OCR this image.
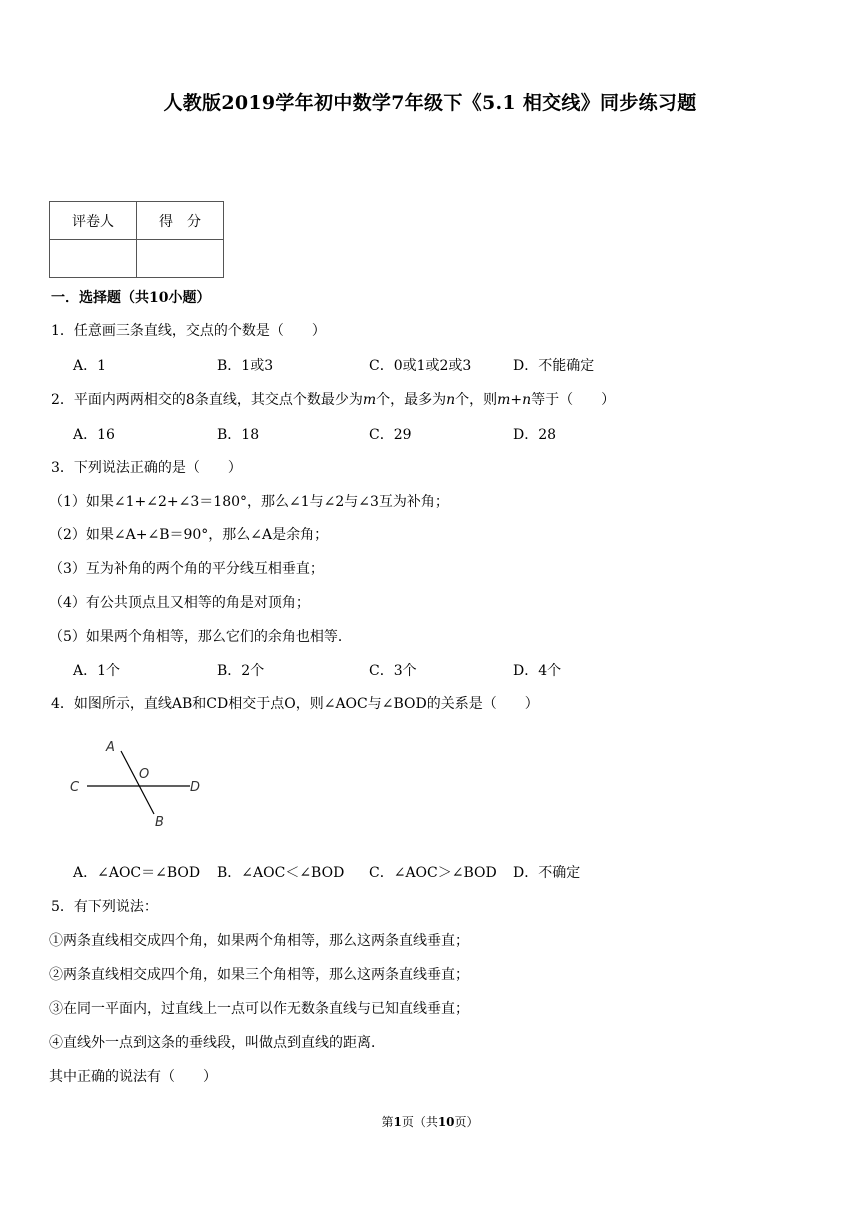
人教版2019学年初中数学7年级下《5.1 相交线》同步练习题
评卷人	得　分

一．选择题（共10小题）
1．任意画三条直线，交点的个数是（　　）
A．1	B．1或3	C．0或1或2或3	D．不能确定
2．平面内两两相交的8条直线，其交点个数最少为m个，最多为n个，则m+n等于（　　）
A．16	B．18	C．29	D．28
3．下列说法正确的是（　　）
（1）如果∠1+∠2+∠3＝180°，那么∠1与∠2与∠3互为补角；
（2）如果∠A+∠B＝90°，那么∠A是余角；
（3）互为补角的两个角的平分线互相垂直；
（4）有公共顶点且又相等的角是对顶角；
（5）如果两个角相等，那么它们的余角也相等．
A．1个	B．2个	C．3个	D．4个
4．如图所示，直线AB和CD相交于点O，则∠AOC与∠BOD的关系是（　　）
A
C
O
D
B
A．∠AOC＝∠BOD B．∠AOC＜∠BOD C．∠AOC＞∠BOD D．不确定
5．有下列说法：
①两条直线相交成四个角，如果两个角相等，那么这两条直线垂直；
②两条直线相交成四个角，如果三个角相等，那么这两条直线垂直；
③在同一平面内，过直线上一点可以作无数条直线与已知直线垂直；
④直线外一点到这条的垂线段，叫做点到直线的距离．
其中正确的说法有（　　）
第1页（共10页）
